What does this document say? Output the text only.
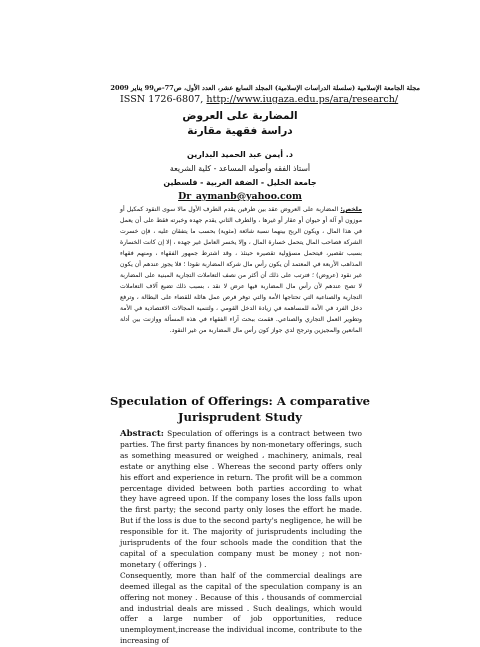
مجلة الجامعة الإسلامية (سلسلة الدراسات الإسلامية) المجلد السابع عشر، العدد الأول، ص77-ص99 يناير 2009
ISSN 1726-6807, http://www.iugaza.edu.ps/ara/research/
المضاربة على العروض
دراسة فقهية مقارنة
د. أيمن عبد الحميد البدارين
أستاذ الفقه وأصوله المساعد - كلية الشريعة
جامعة الخليل - الضفة الغربية - فلسطين
Dr_aymanb@yahoo.com
ملخص: المضاربة على العروض عقد بين طرفين يقدم الطرف الأول مالا سوى النقود كمكيل أو موزون أو آلة أو حيوان أو عقار أو غيرها ، والطرف الثاني يقدم جهده وخبرته فقط على أن يعمل في هذا المال ، ويكون الربح بينهما نسبة شائعة (مثوية) بحسب ما يتفقان عليه ، فإن خسرت الشركة فصاحب المال يتحمل خسارة المال ، وإلا يخسر العامل غير جهده ، إلا إن كانت الخسارة بسبب تقصير، فيتحمل مسؤولية تقصيره حينئذ ، وقد اشترط جمهور الفقهاء ، ومنهم فقهاء المذاهب الأربعة في المعتمد أن يكون رأس مال شركة المضاربة نقودا ؛ فلا يجوز عندهم أن يكون غير نقود (عروض) ؛ فترتب على ذلك أن أكثر من نصف التعاملات التجارية المبنية على المضاربة لا تصح عندهم لأن رأس مال المضاربة فيها عرض لا نقد ، بسبب ذلك تضيع آلاف التعاملات التجارية والصناعية التي تحتاجها الأمة والتي توفر فرص عمل هائلة للقضاء على البطالة ، وترفع دخل الفرد في الأمة للمساهمة في زيادة الدخل القومي ، ولتنمية المجالات الاقتصادية في الأمة وتطوير العمل التجاري والصناعي. فقمت ببحث آراء الفقهاء في هذه المسألة ووازنت بين أدلة المانعين والمجيزين وترجح لدي جواز كون رأس مال المضاربة من غير النقود.
Speculation of Offerings: A comparative
Jurisprudent Study

Abstract: Speculation of offerings is a contract between two parties. The first party finances by non-monetary offerings, such as something measured or weighed ، machinery, animals, real estate or anything else . Whereas the second party offers only his effort and experience in return. The profit will be a common percentage divided between both parties according to what they have agreed upon. If the company loses the loss falls upon the first party; the second party only loses the effort he made. But if the loss is due to the second party's negligence, he will be responsible for it. The majority of jurisprudents including the jurisprudents of the four schools made the condition that the capital of a speculation company must be money ; not non-monetary ( offerings ) .

Consequently, more than half of the commercial dealings are deemed illegal as the capital of the speculation company is an offering not money . Because of this ، thousands of commercial and industrial deals are missed . Such dealings, which would offer a large number of job opportunities, reduce unemployment,increase the individual income, contribute to the increasing of
